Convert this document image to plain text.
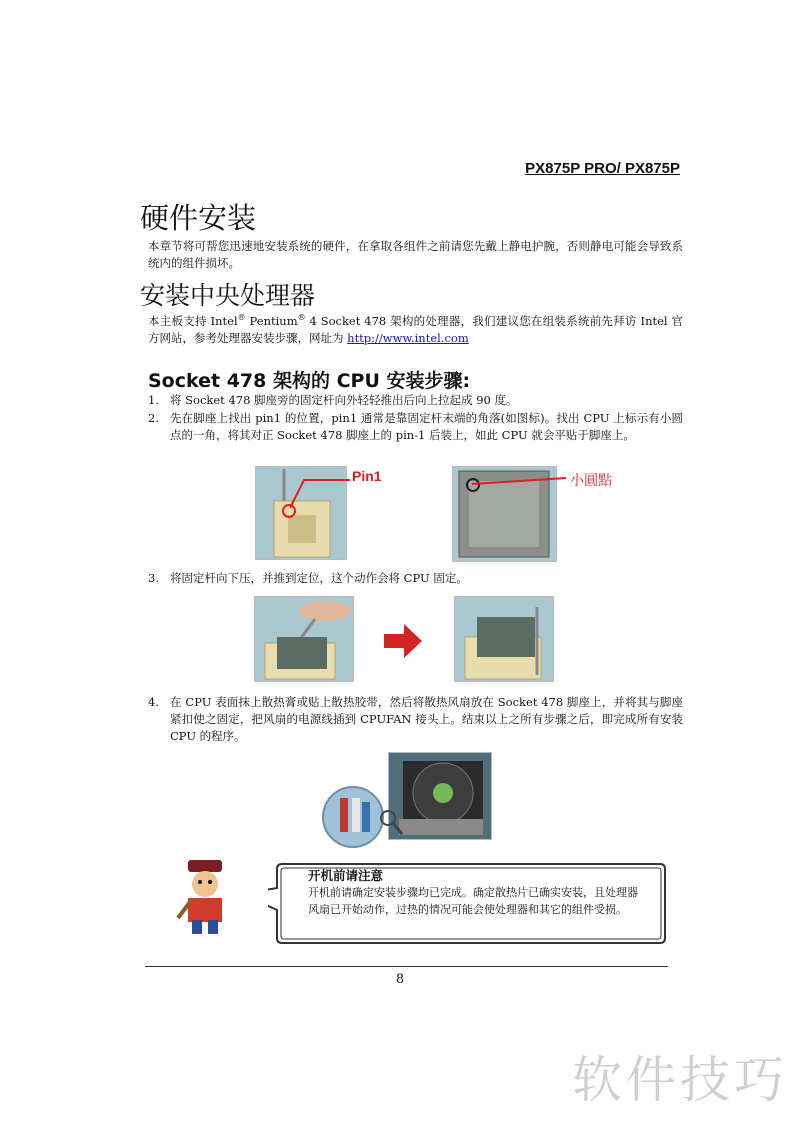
PX875P PRO/ PX875P
硬件安装
本章节将可帮您迅速地安装系统的硬件，在拿取各组件之前请您先戴上静电护腕，否则静电可能会导致系统内的组件损坏。
安装中央处理器
本主板支持 Intel® Pentium® 4 Socket 478 架构的处理器，我们建议您在组装系统前先拜访 Intel 官方网站，参考处理器安装步骤，网址为 http://www.intel.com
Socket 478 架构的 CPU 安装步骤:
1. 将 Socket 478 脚座旁的固定杆向外轻轻推出后向上拉起成 90 度。
2. 先在脚座上找出 pin1 的位置，pin1 通常是靠固定杆末端的角落(如图标)。找出 CPU 上标示有小圆点的一角，将其对正 Socket 478 脚座上的 pin-1 后装上，如此 CPU 就会平贴于脚座上。
Pin1	小圓點
3. 将固定杆向下压，并推到定位，这个动作会将 CPU 固定。
4. 在 CPU 表面抹上散热膏或贴上散热胶带，然后将散热风扇放在 Socket 478 脚座上，并将其与脚座紧扣使之固定，把风扇的电源线插到 CPUFAN 接头上。结束以上之所有步骤之后，即完成所有安装 CPU 的程序。
开机前请注意
开机前请确定安装步骤均已完成。确定散热片已确实安装，且处理器风扇已开始动作，过热的情况可能会使处理器和其它的组件受损。
8
软件技巧
